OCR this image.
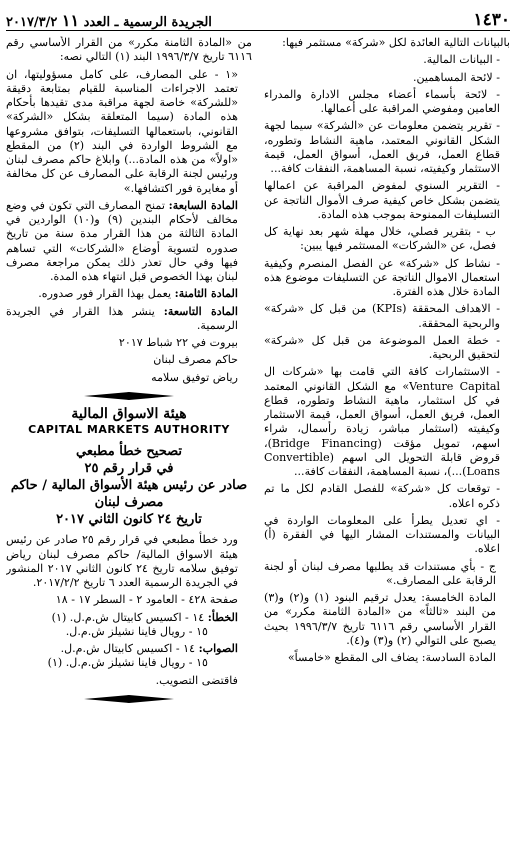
الجريدة الرسمية ـ العدد ١١ ٢٠١٧/٣/٢	١٤٣٠

بالبيانات التالية العائدة لكل «شركة» مستثمر فيها:

- البيانات المالية.

- لائحة المساهمين.

- لائحة بأسماء أعضاء مجلس الادارة والمدراء العامين ومفوضي المراقبة على أعمالها.

- تقرير يتضمن معلومات عن «الشركة» سيما لجهة الشكل القانوني المعتمد، ماهية النشاط وتطوره، قطاع العمل، فريق العمل، أسواق العمل، قيمة الاستثمار وكيفيته، نسبة المساهمة، النفقات كافة...

- التقرير السنوي لمفوض المراقبة عن اعمالها يتضمن بشكل خاص كيفية صرف الأموال الناتجة عن التسليفات الممنوحة بموجب هذه المادة.

ب - بتقرير فصلي، خلال مهلة شهر بعد نهاية كل فصل، عن «الشركات» المستثمر فيها يبين:

- نشاط كل «شركة» عن الفصل المنصرم وكيفية استعمال الاموال الناتجة عن التسليفات موضوع هذه المادة خلال هذه الفترة.

- الاهداف المحققة (KPIs) من قبل كل «شركة» والربحية المحققة.

- خطة العمل الموضوعة من قبل كل «شركة» لتحقيق الربحية.

- الاستثمارات كافة التي قامت بها «شركات ال Venture Capital» مع الشكل القانوني المعتمد في كل استثمار، ماهية النشاط وتطوره، قطاع العمل، فريق العمل، أسواق العمل، قيمة الاستثمار وكيفيته (استثمار مباشر، زيادة رأسمال، شراء اسهم، تمويل مؤقت (Bridge Financing)، قروض قابلة التحويل الى اسهم (Convertible Loans)...)، نسبة المساهمة، النفقات كافة...

- توقعات كل «شركة» للفصل القادم لكل ما تم ذكره اعلاه.

- اي تعديل يطرأ على المعلومات الواردة في البيانات والمستندات المشار اليها في الفقرة (أ) اعلاه.

ج - بأي مستندات قد يطلبها مصرف لبنان أو لجنة الرقابة على المصارف.»

المادة الخامسة: يعدل ترقيم البنود (١) و(٢) و(٣) من البند «ثالثاً» من «المادة الثامنة مكرر» من القرار الأساسي رقم ٦١١٦ تاريخ ١٩٩٦/٣/٧ بحيث يصبح على التوالي (٢) و(٣) و(٤).

المادة السادسة: يضاف الى المقطع «خامساً»

من «المادة الثامنة مكرر» من القرار الأساسي رقم ٦١١٦ تاريخ ١٩٩٦/٣/٧ البند (١) التالي نصه:

«١ - على المصارف، على كامل مسؤوليتها، ان تعتمد الاجراءات المناسبة للقيام بمتابعة دقيقة «للشركة» خاصة لجهة مراقبة مدى تقيدها بأحكام هذه المادة (سيما المتعلقة بشكل «الشركة» القانوني، باستعمالها التسليفات، بتوافق مشروعها مع الشروط الواردة في البند (٢) من المقطع «اولاً» من هذه المادة...) وابلاغ حاكم مصرف لبنان ورئيس لجنة الرقابة على المصارف عن كل مخالفة أو مغايرة فور اكتشافها.»

المادة السابعة: تمنح المصارف التي تكون في وضع مخالف لأحكام البندين (٩) و(١٠) الواردين في المادة الثالثة من هذا القرار مدة سنة من تاريخ صدوره لتسوية أوضاع «الشركات» التي تساهم فيها وفي حال تعذر ذلك يمكن مراجعة مصرف لبنان بهذا الخصوص قبل انتهاء هذه المدة.

المادة الثامنة: يعمل بهذا القرار فور صدوره.

المادة التاسعة: ينشر هذا القرار في الجريدة الرسمية.

بيروت في ٢٢ شباط ٢٠١٧

حاكم مصرف لبنان

رياض توفيق سلامه

هيئة الاسواق المالية
CAPITAL MARKETS AUTHORITY
تصحيح خطأ مطبعي
في قرار رقم ٢٥
صادر عن رئيس هيئة الأسواق المالية / حاكم مصرف لبنان
تاريخ ٢٤ كانون الثاني ٢٠١٧

ورد خطأ مطبعي في قرار رقم ٢٥ صادر عن رئيس هيئة الاسواق المالية/ حاكم مصرف لبنان رياض توفيق سلامه تاريخ ٢٤ كانون الثاني ٢٠١٧ المنشور في الجريدة الرسمية العدد ٦ تاريخ ٢٠١٧/٢/٢.

صفحة ٤٢٨ - العامود ٢ - السطر ١٧ - ١٨

الخطأ: ١٤ - اكسيس كابيتال ش.م.ل. (١)

١٥ - رويال فاينا نشيلز ش.م.ل.

الصواب: ١٤ - اكسيس كابيتال ش.م.ل.

١٥ - رويال فاينا نشيلز ش.م.ل. (١)

فاقتضى التصويب.
